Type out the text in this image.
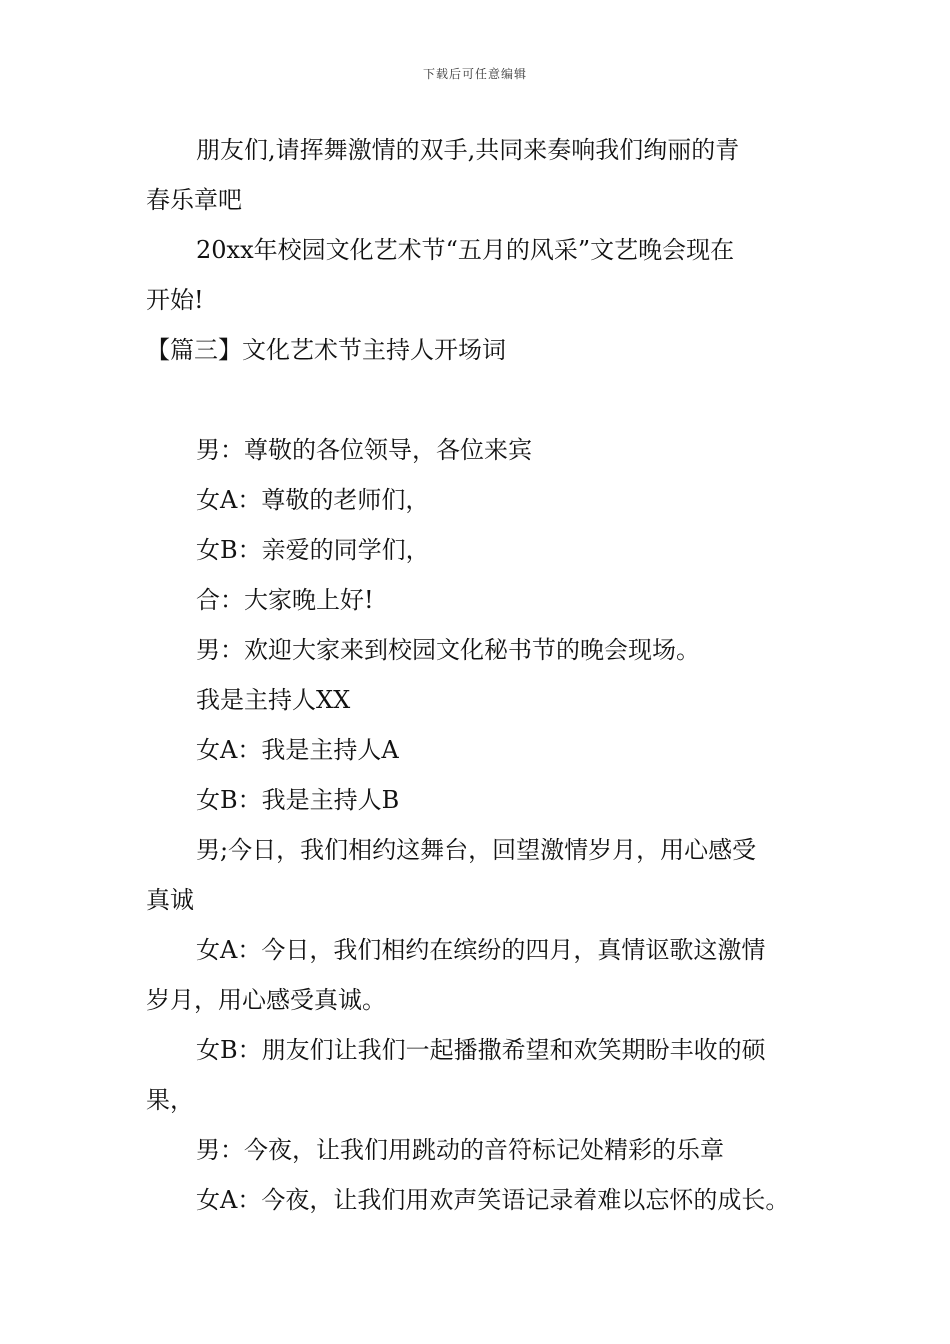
下载后可任意编辑

朋友们,请挥舞激情的双手,共同来奏响我们绚丽的青

春乐章吧

20xx年校园文化艺术节“五月的风采”文艺晚会现在

开始!

【篇三】文化艺术节主持人开场词

男：尊敬的各位领导，各位来宾

女A：尊敬的老师们，

女B：亲爱的同学们，

合：大家晚上好!

男：欢迎大家来到校园文化秘书节的晚会现场。

我是主持人XX

女A：我是主持人A

女B：我是主持人B

男;今日，我们相约这舞台，回望激情岁月，用心感受

真诚

女A：今日，我们相约在缤纷的四月，真情讴歌这激情

岁月，用心感受真诚。

女B：朋友们让我们一起播撒希望和欢笑期盼丰收的硕

果，

男：今夜，让我们用跳动的音符标记处精彩的乐章

女A：今夜，让我们用欢声笑语记录着难以忘怀的成长。
